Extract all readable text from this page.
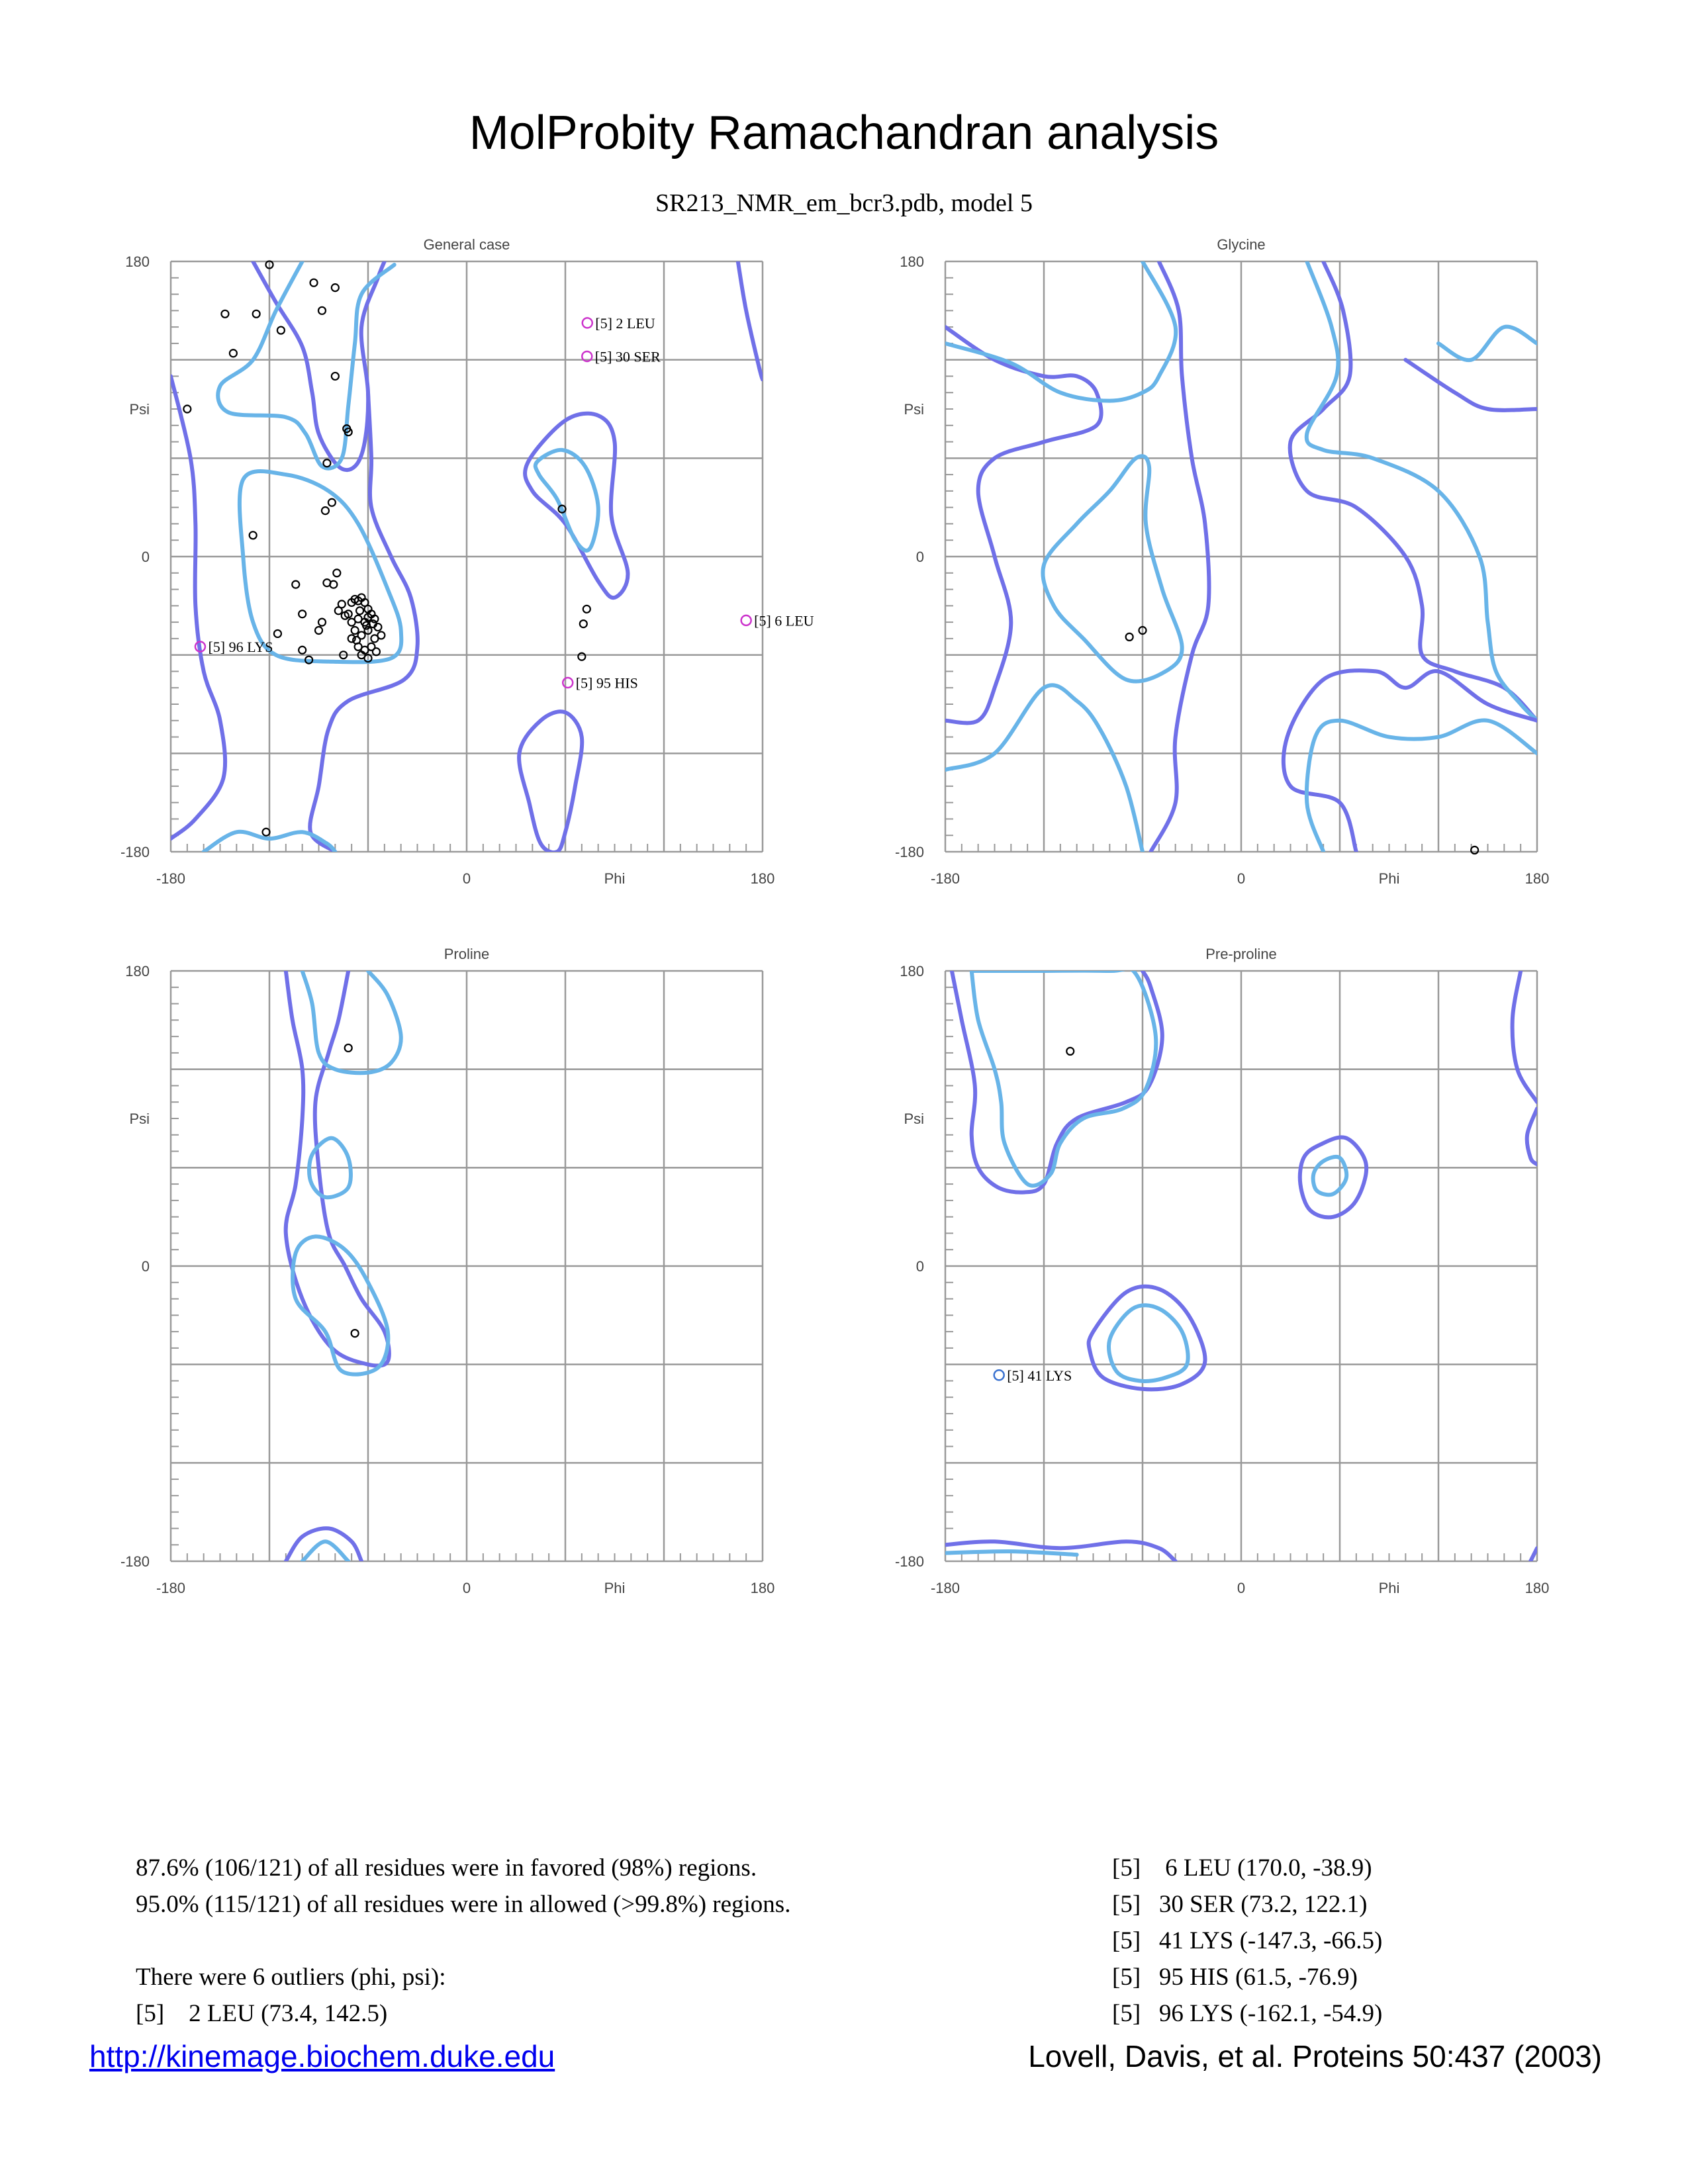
MolProbity Ramachandran analysis
SR213_NMR_em_bcr3.pdb, model 5
General case
-180	0	180
Phi
180
0
-180
Psi
[5] 2 LEU
[5] 30 SER
[5] 6 LEU
[5] 95 HIS
[5] 96 LYS
Glycine
-180	0	180
Phi
180
0
-180
Psi
Proline
-180	0	180
Phi
180
0
-180
Psi
Pre-proline
-180	0	180
Phi
180
0
-180
Psi
[5] 41 LYS
87.6% (106/121) of all residues were in favored (98%) regions.
95.0% (115/121) of all residues were in allowed (>99.8%) regions.
There were 6 outliers (phi, psi):
[5]    2 LEU (73.4, 142.5)
[5]    6 LEU (170.0, -38.9)
[5]   30 SER (73.2, 122.1)
[5]   41 LYS (-147.3, -66.5)
[5]   95 HIS (61.5, -76.9)
[5]   96 LYS (-162.1, -54.9)
http://kinemage.biochem.duke.edu	Lovell, Davis, et al. Proteins 50:437 (2003)
